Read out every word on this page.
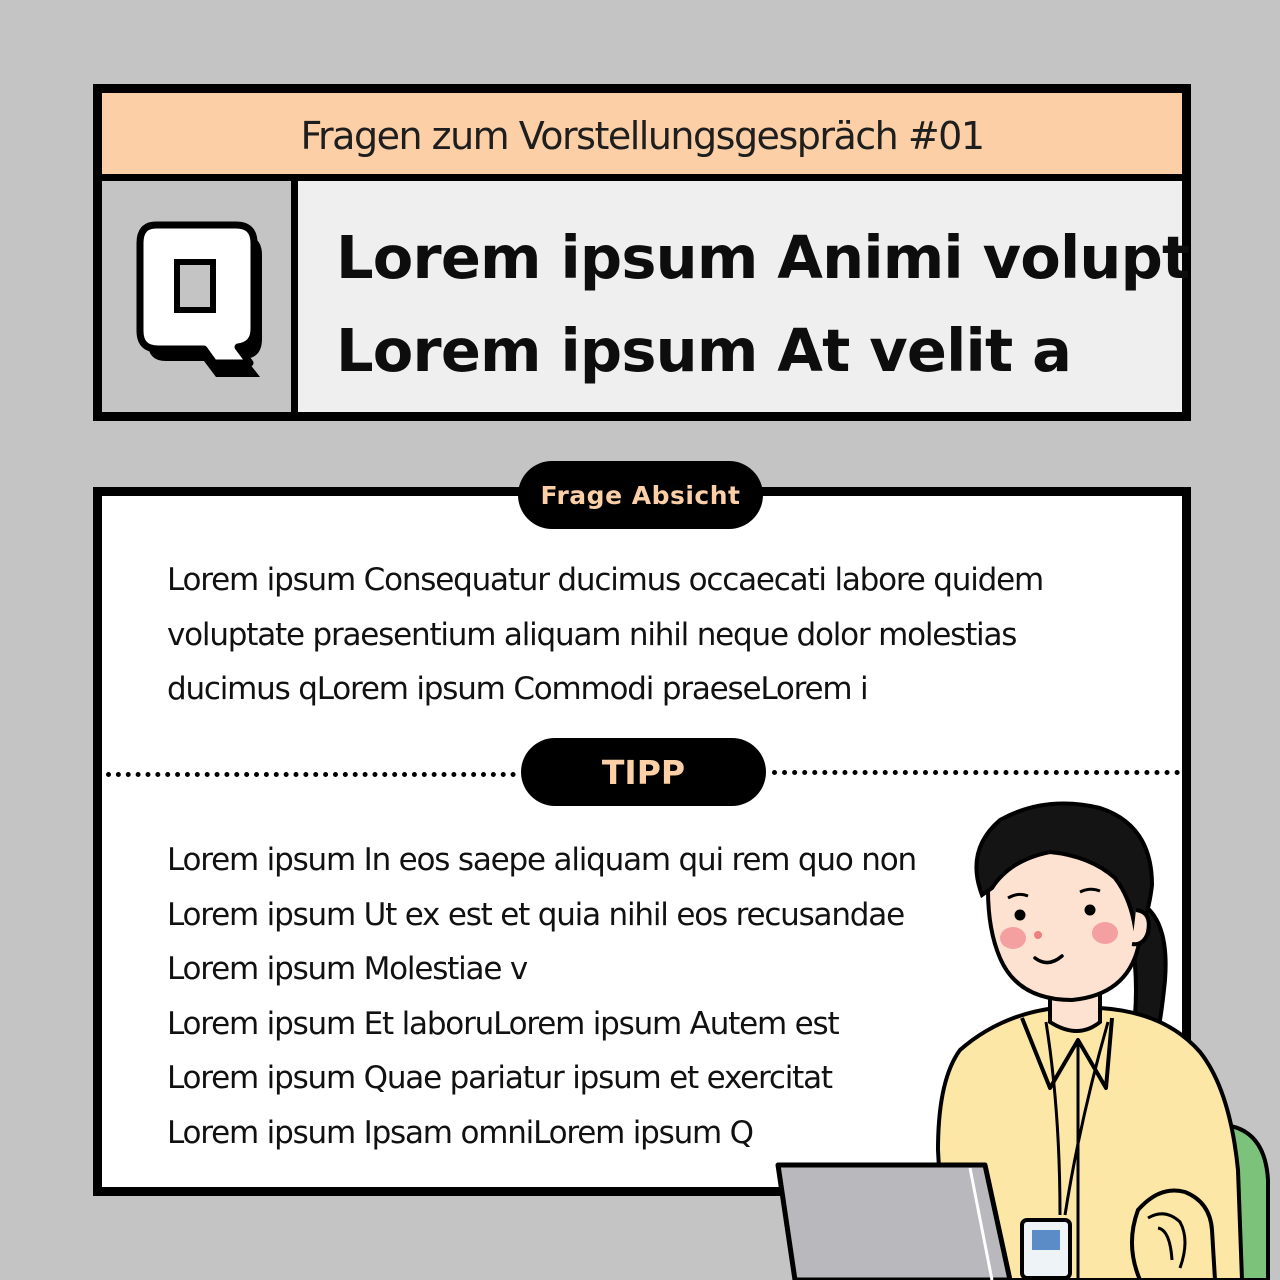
Fragen zum Vorstellungsgespräch #01
Lorem ipsum Animi volupt
Lorem ipsum At velit a
Frage Absicht
Lorem ipsum Consequatur ducimus occaecati labore quidem
voluptate praesentium aliquam nihil neque dolor molestias
ducimus qLorem ipsum Commodi praeseLorem i
TIPP
Lorem ipsum In eos saepe aliquam qui rem quo non
Lorem ipsum Ut ex est et quia nihil eos recusandae
Lorem ipsum Molestiae v
Lorem ipsum Et laboruLorem ipsum Autem est
Lorem ipsum Quae pariatur ipsum et exercitat
Lorem ipsum Ipsam omniLorem ipsum Q
